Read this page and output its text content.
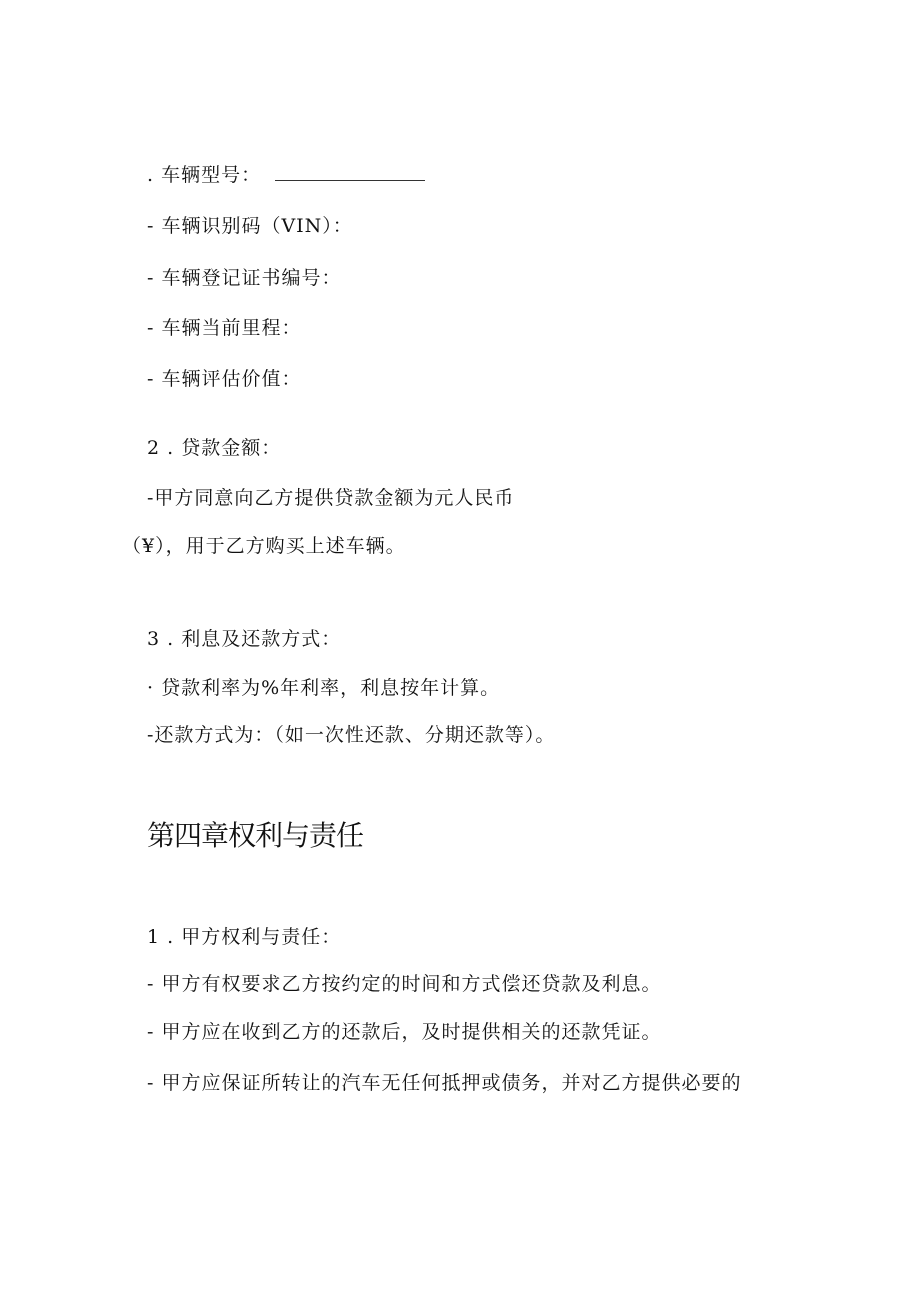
. 车辆型号：
- 车辆识别码（VIN）：
- 车辆登记证书编号：
- 车辆当前里程：
- 车辆评估价值：
2 . 贷款金额：
-甲方同意向乙方提供贷款金额为元人民币
（¥），用于乙方购买上述车辆。
3 . 利息及还款方式：
· 贷款利率为%年利率，利息按年计算。
-还款方式为：（如一次性还款、分期还款等）。
第四章权利与责任
1 . 甲方权利与责任：
- 甲方有权要求乙方按约定的时间和方式偿还贷款及利息。
- 甲方应在收到乙方的还款后，及时提供相关的还款凭证。
- 甲方应保证所转让的汽车无任何抵押或债务，并对乙方提供必要的
